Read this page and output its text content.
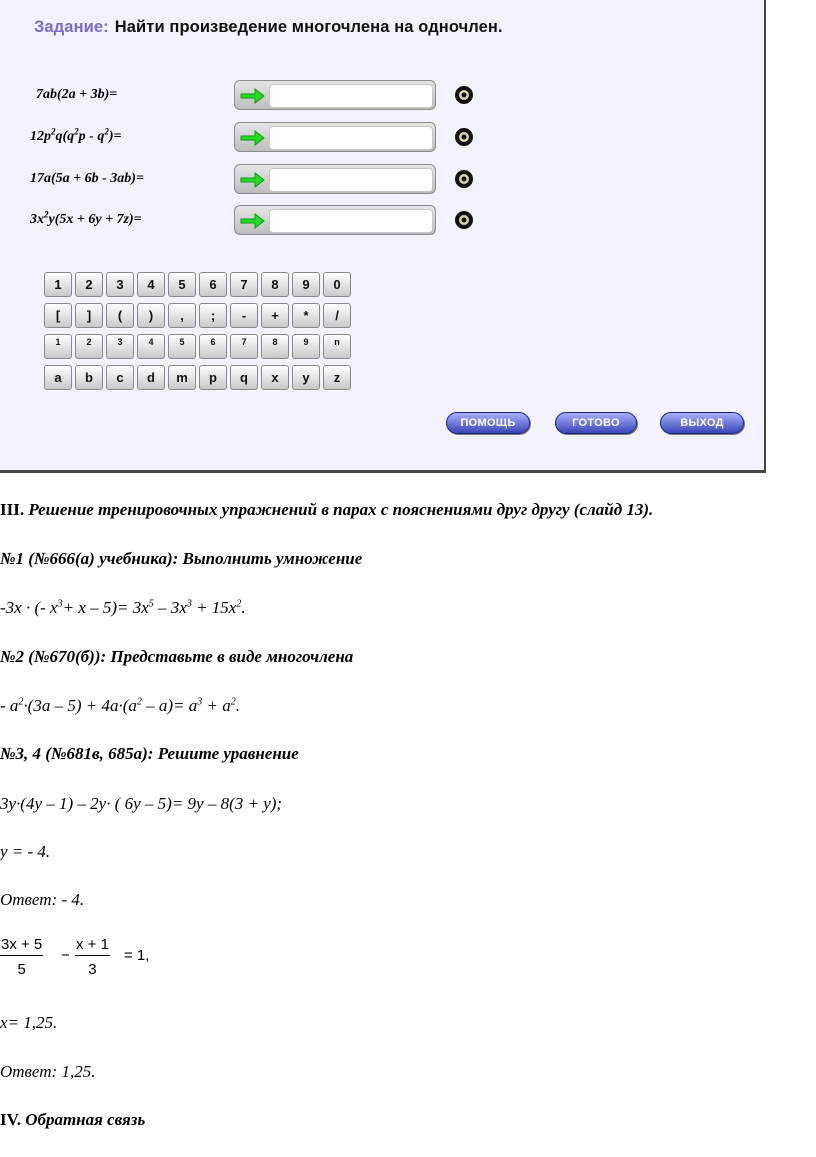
Задание: Найти произведение многочлена на одночлен.
7ab(2a + 3b)=
$12p^2q(q^2p - q^2)=$
17a(5a + 6b - 3ab)=
$3x^2y(5x + 6y + 7z)=$
1	2	3	4	5	6	7	8	9	0
[	]	(	)	,	;	-	+	*	/
1	2	3	4	5	6	7	8	9	n
a	b	c	d	m	p	q	x	y	z
ПОМОЩЬ	ГОТОВО	ВЫХОД
III. Решение тренировочных упражнений в парах с пояснениями друг другу (слайд 13).
№1 (№666(а) учебника): Выполнить умножение
-3x · (- $x^3+ x - 5)= 3x^5 - 3x^3 + 15x^2$.
№2 (№670(б)): Представьте в виде многочлена
- $a^2\cdot(3a - 5) + 4a\cdot(a^2 - a)= a^3 + a^2$.
№3, 4 (№681в, 685а): Решите уравнение
3y·(4y – 1) – 2y· ( 6y – 5)= 9y – 8(3 + y);
y = - 4.
Ответ: - 4.
$\frac{3x + 5}{5} - \frac{x + 1}{3} = 1$,
x= 1,25.
Ответ: 1,25.
IV. Обратная связь
